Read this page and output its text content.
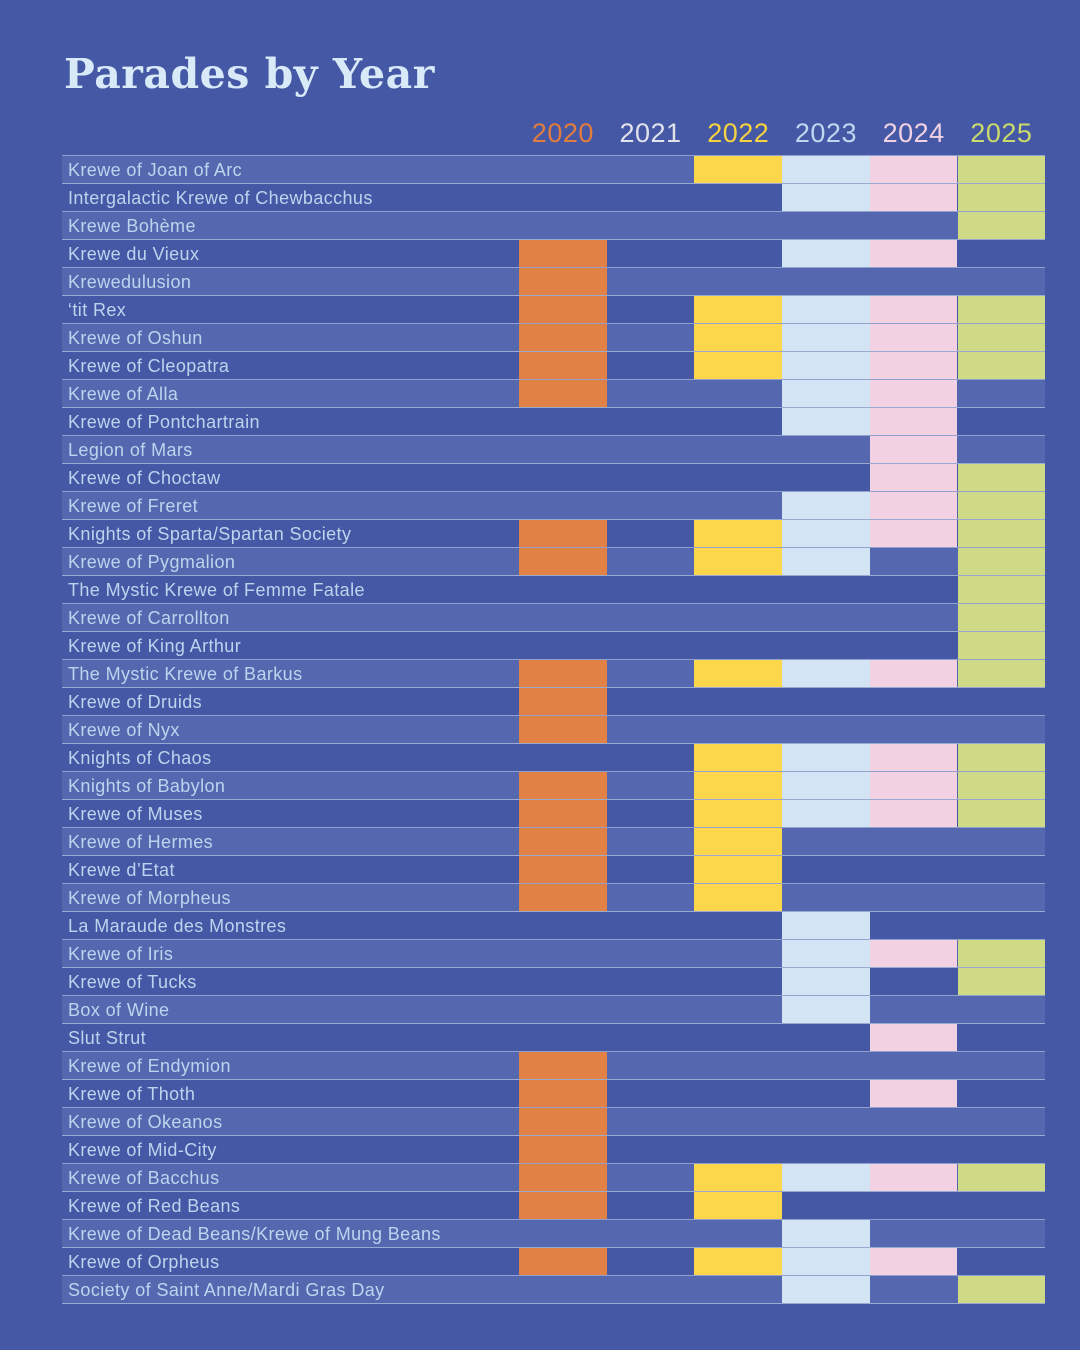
Parades by Year
2020 2021 2022 2023 2024 2025
Krewe of Joan of Arc
Intergalactic Krewe of Chewbacchus
Krewe Bohème
Krewe du Vieux
Krewedulusion
‘tit Rex
Krewe of Oshun
Krewe of Cleopatra
Krewe of Alla
Krewe of Pontchartrain
Legion of Mars
Krewe of Choctaw
Krewe of Freret
Knights of Sparta/Spartan Society
Krewe of Pygmalion
The Mystic Krewe of Femme Fatale
Krewe of Carrollton
Krewe of King Arthur
The Mystic Krewe of Barkus
Krewe of Druids
Krewe of Nyx
Knights of Chaos
Knights of Babylon
Krewe of Muses
Krewe of Hermes
Krewe d’Etat
Krewe of Morpheus
La Maraude des Monstres
Krewe of Iris
Krewe of Tucks
Box of Wine
Slut Strut
Krewe of Endymion
Krewe of Thoth
Krewe of Okeanos
Krewe of Mid-City
Krewe of Bacchus
Krewe of Red Beans
Krewe of Dead Beans/Krewe of Mung Beans
Krewe of Orpheus
Society of Saint Anne/Mardi Gras Day
